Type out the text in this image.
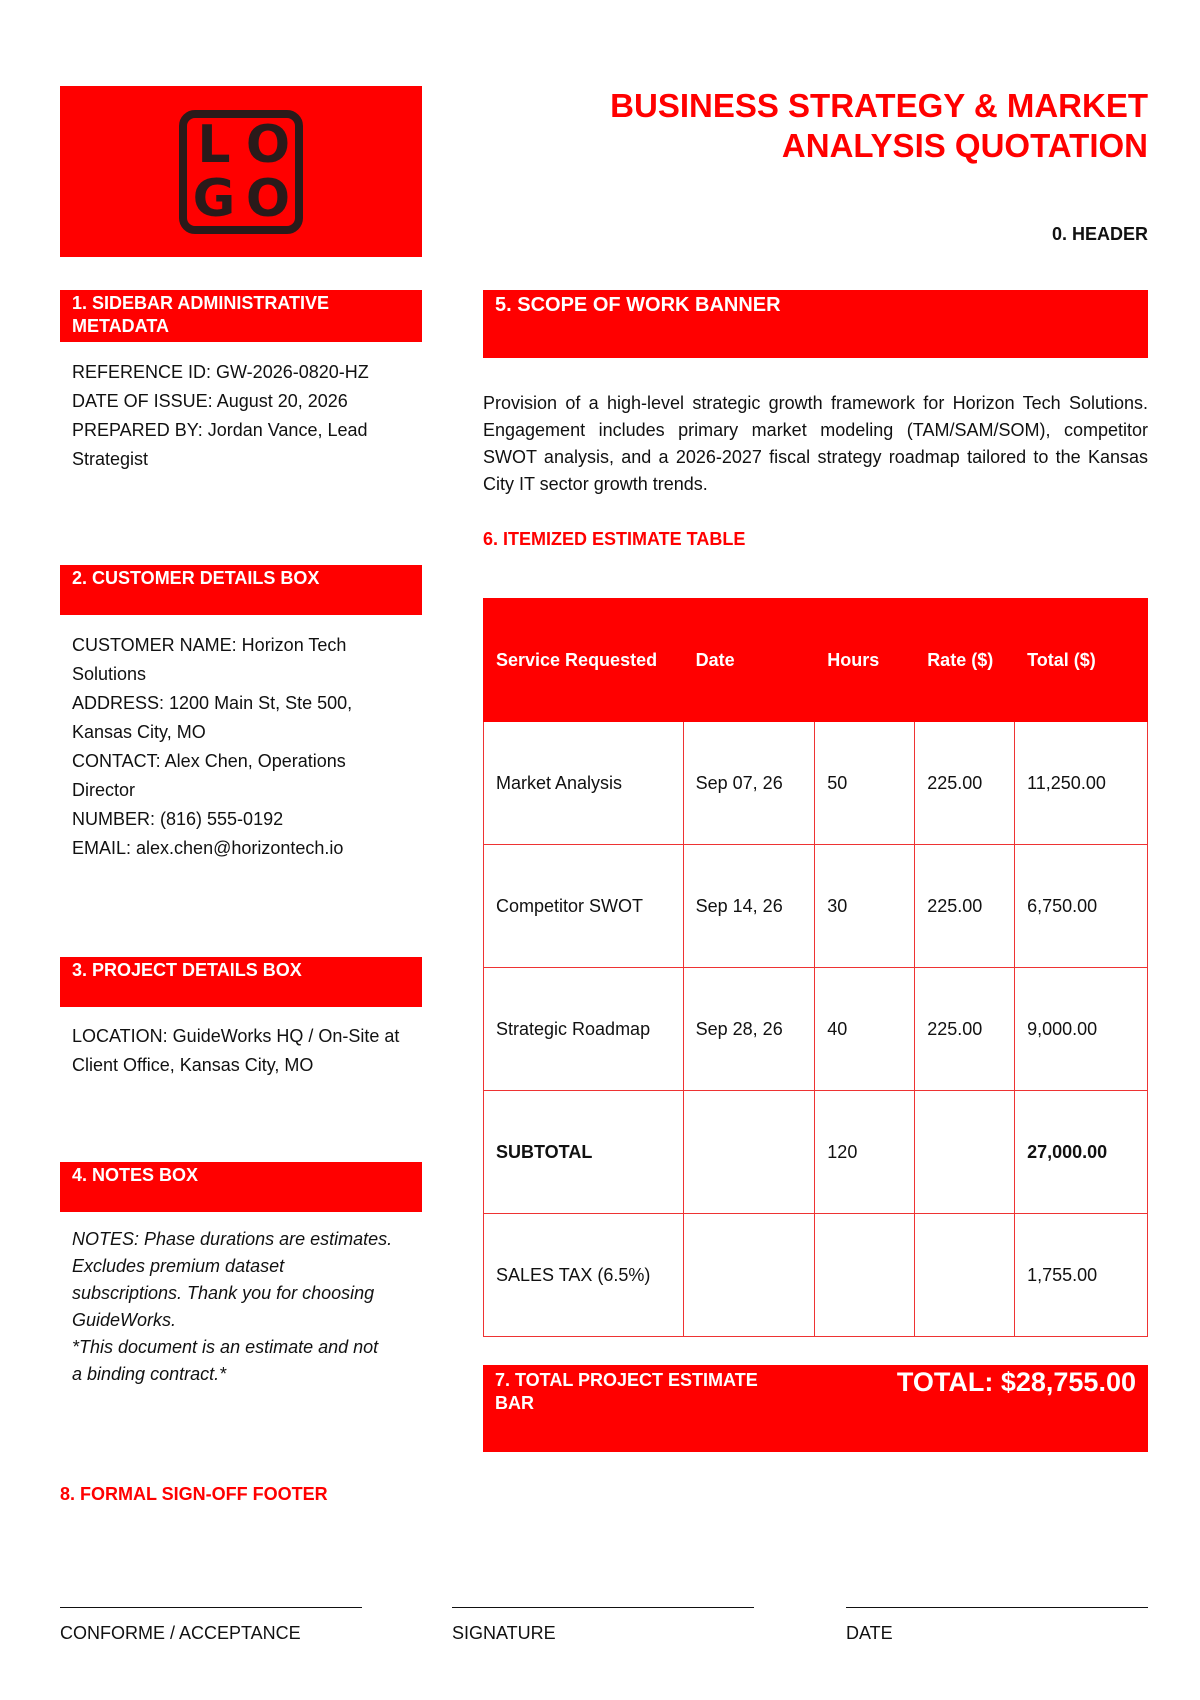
L O
G O
BUSINESS STRATEGY & MARKET
ANALYSIS QUOTATION
0. HEADER
1. SIDEBAR ADMINISTRATIVE
METADATA
REFERENCE ID: GW-2026-0820-HZ
DATE OF ISSUE: August 20, 2026
PREPARED BY: Jordan Vance, Lead
Strategist
2. CUSTOMER DETAILS BOX
CUSTOMER NAME: Horizon Tech
Solutions
ADDRESS: 1200 Main St, Ste 500,
Kansas City, MO
CONTACT: Alex Chen, Operations
Director
NUMBER: (816) 555-0192
EMAIL: alex.chen@horizontech.io
3. PROJECT DETAILS BOX
LOCATION: GuideWorks HQ / On-Site at
Client Office, Kansas City, MO
4. NOTES BOX
NOTES: Phase durations are estimates.
Excludes premium dataset
subscriptions. Thank you for choosing
GuideWorks.
*This document is an estimate and not
a binding contract.*
5. SCOPE OF WORK BANNER
Provision of a high-level strategic growth framework for Horizon Tech Solutions. Engagement includes primary market modeling (TAM/SAM/SOM), competitor SWOT analysis, and a 2026-2027 fiscal strategy roadmap tailored to the Kansas City IT sector growth trends.
6. ITEMIZED ESTIMATE TABLE
Service Requested	Date	Hours	Rate ($)	Total ($)
Market Analysis	Sep 07, 26	50	225.00	11,250.00
Competitor SWOT	Sep 14, 26	30	225.00	6,750.00
Strategic Roadmap	Sep 28, 26	40	225.00	9,000.00
SUBTOTAL		120		27,000.00
SALES TAX (6.5%)				1,755.00
7. TOTAL PROJECT ESTIMATE
BAR
TOTAL: $28,755.00
8. FORMAL SIGN-OFF FOOTER
CONFORME / ACCEPTANCE	SIGNATURE	DATE
